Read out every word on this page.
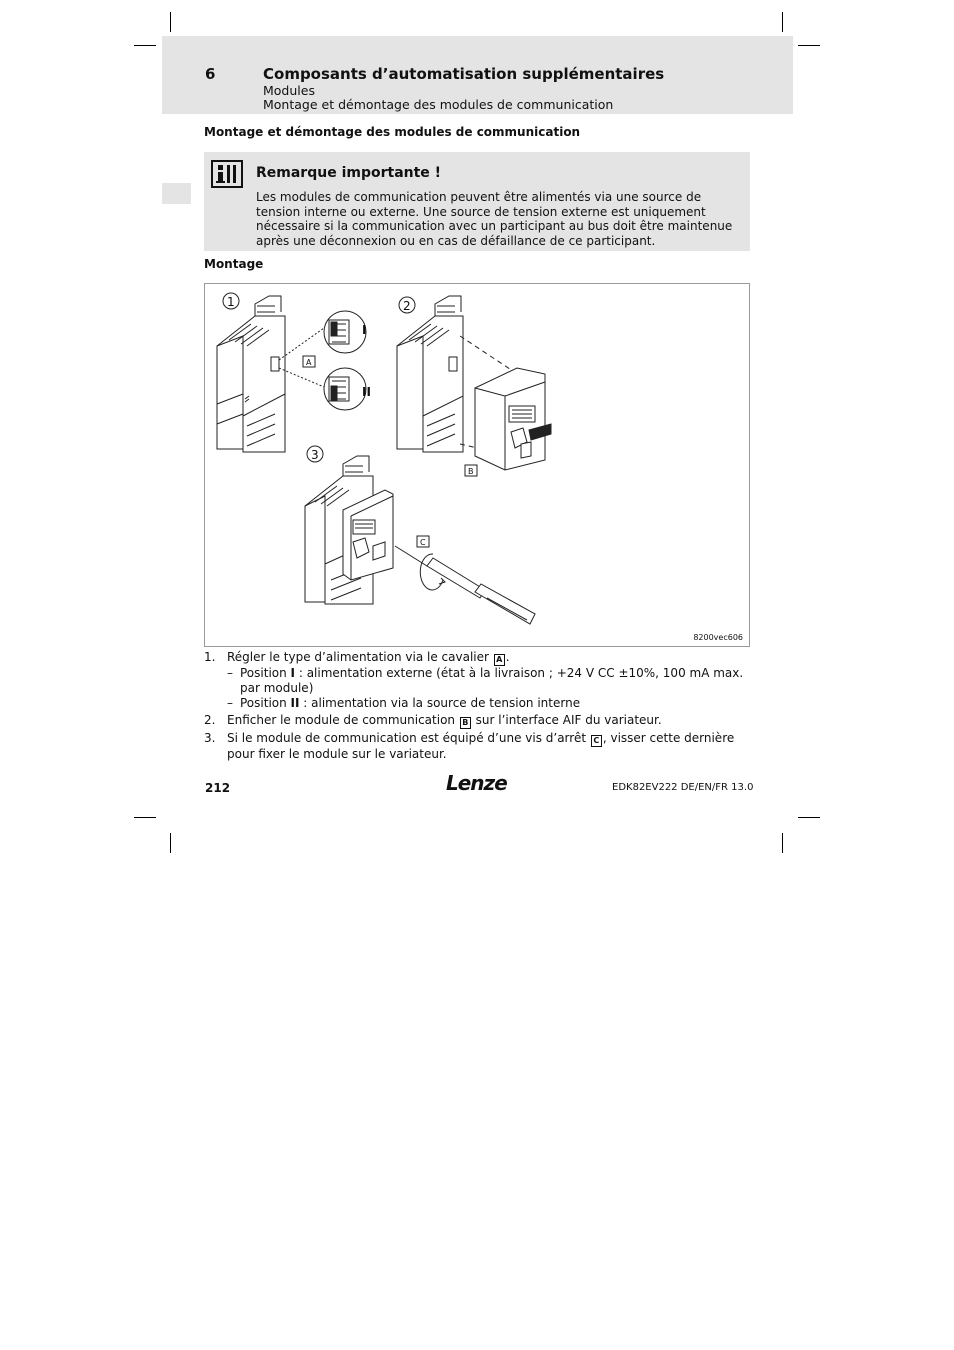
6	Composants d’automatisation supplémentaires
Modules
Montage et démontage des modules de communication
Montage et démontage des modules de communication
Remarque importante !
Les modules de communication peuvent être alimentés via une source de tension interne ou externe. Une source de tension externe est uniquement nécessaire si la communication avec un participant au bus doit être maintenue après une déconnexion ou en cas de défaillance de ce participant.
Montage
A
I
II
1
B
2
C
3
8200vec606
1. Régler le type d’alimentation via le cavalier A .
– Position I : alimentation externe (état à la livraison ; +24 V CC ±10%, 100 mA max. par module)
– Position II : alimentation via la source de tension interne
2. Enficher le module de communication B sur l’interface AIF du variateur.
3. Si le module de communication est équipé d’une vis d’arrêt C , visser cette dernière pour fixer le module sur le variateur.
212	Lenze	EDK82EV222 DE/EN/FR 13.0
